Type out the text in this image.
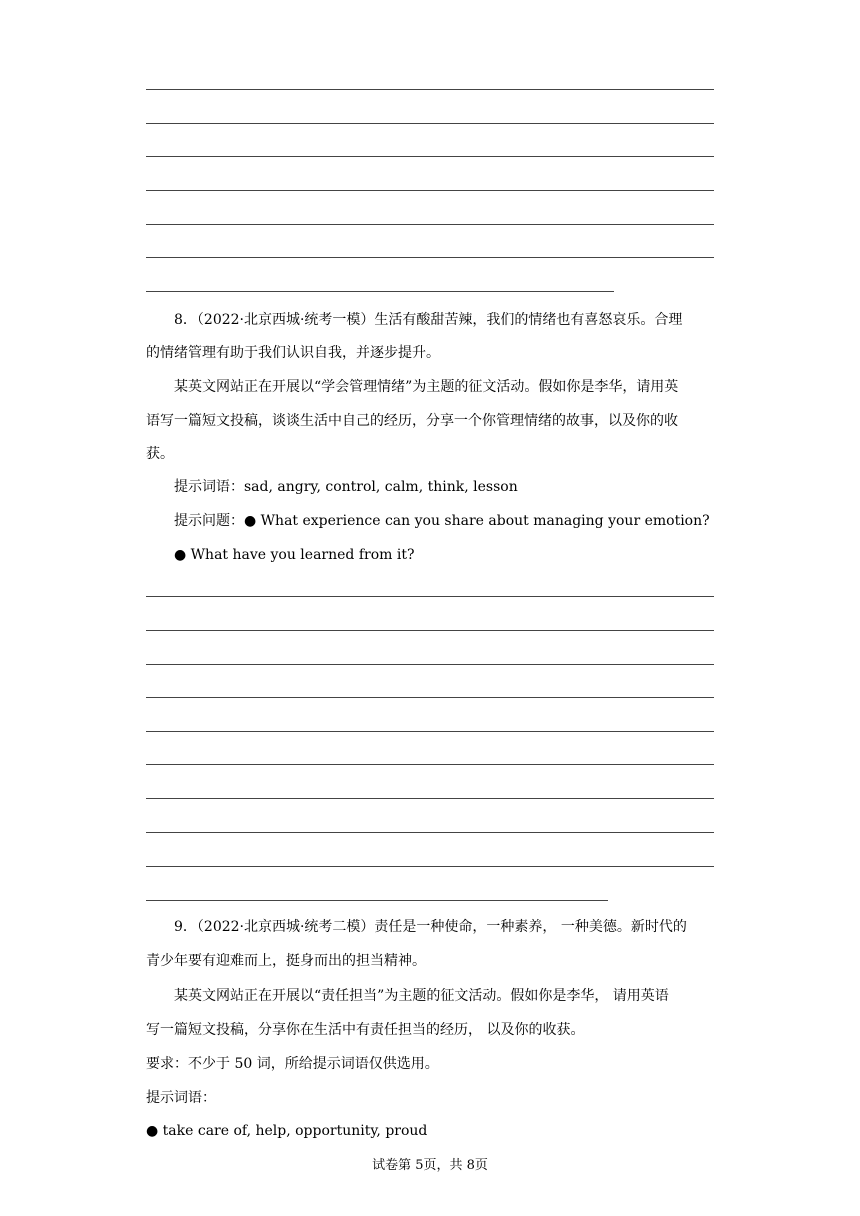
8．（2022·北京西城·统考一模）生活有酸甜苦辣，我们的情绪也有喜怒哀乐。合理
的情绪管理有助于我们认识自我，并逐步提升。
某英文网站正在开展以“学会管理情绪”为主题的征文活动。假如你是李华，请用英
语写一篇短文投稿，谈谈生活中自己的经历，分享一个你管理情绪的故事，以及你的收
获。
提示词语：sad, angry, control, calm, think, lesson
提示问题：● What experience can you share about managing your emotion?
● What have you learned from it?
9．（2022·北京西城·统考二模）责任是一种使命，一种素养， 一种美德。新时代的
青少年要有迎难而上，挺身而出的担当精神。
某英文网站正在开展以“责任担当”为主题的征文活动。假如你是李华， 请用英语
写一篇短文投稿，分享你在生活中有责任担当的经历， 以及你的收获。
要求：不少于 50 词，所给提示词语仅供选用。
提示词语：
● take care of, help, opportunity, proud
试卷第 5页，共 8页
